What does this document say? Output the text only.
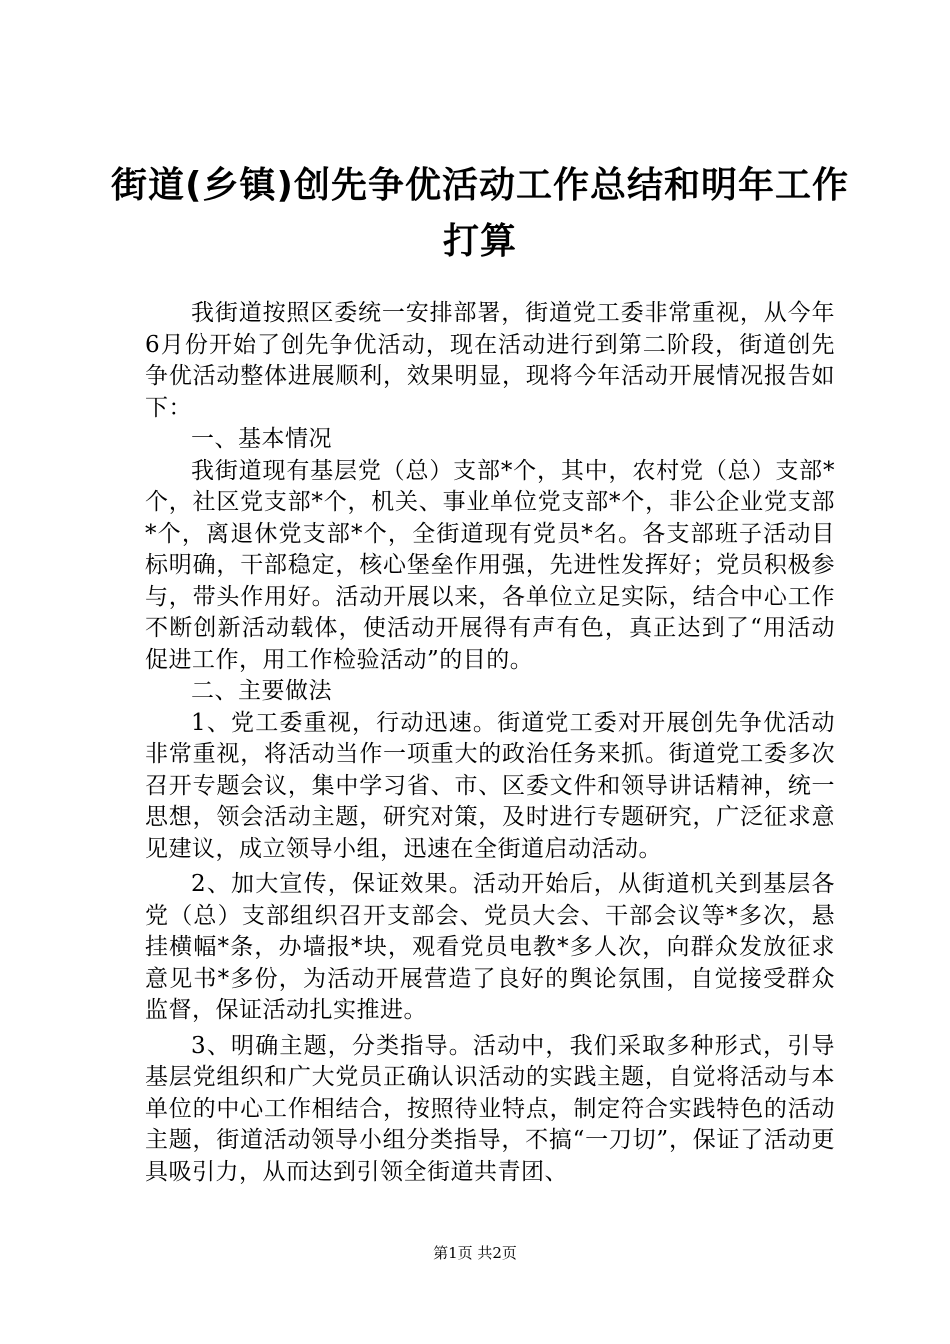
街道(乡镇)创先争优活动工作总结和明年工作
打算

我街道按照区委统一安排部署，街道党工委非常重视，从今年6月份开始了创先争优活动，现在活动进行到第二阶段，街道创先争优活动整体进展顺利，效果明显，现将今年活动开展情况报告如下：

一、基本情况

我街道现有基层党（总）支部*个，其中，农村党（总）支部*个，社区党支部*个，机关、事业单位党支部*个，非公企业党支部*个，离退休党支部*个，全街道现有党员*名。各支部班子活动目标明确，干部稳定，核心堡垒作用强，先进性发挥好；党员积极参与，带头作用好。活动开展以来，各单位立足实际，结合中心工作不断创新活动载体，使活动开展得有声有色，真正达到了“用活动促进工作，用工作检验活动”的目的。

二、主要做法

1、党工委重视，行动迅速。街道党工委对开展创先争优活动非常重视，将活动当作一项重大的政治任务来抓。街道党工委多次召开专题会议，集中学习省、市、区委文件和领导讲话精神，统一思想，领会活动主题，研究对策，及时进行专题研究，广泛征求意见建议，成立领导小组，迅速在全街道启动活动。

2、加大宣传，保证效果。活动开始后，从街道机关到基层各党（总）支部组织召开支部会、党员大会、干部会议等*多次，悬挂横幅*条，办墙报*块，观看党员电教*多人次，向群众发放征求意见书*多份，为活动开展营造了良好的舆论氛围，自觉接受群众监督，保证活动扎实推进。

3、明确主题，分类指导。活动中，我们采取多种形式，引导基层党组织和广大党员正确认识活动的实践主题，自觉将活动与本单位的中心工作相结合，按照待业特点，制定符合实践特色的活动主题，街道活动领导小组分类指导，不搞“一刀切”，保证了活动更具吸引力，从而达到引领全街道共青团、

第1页 共2页
